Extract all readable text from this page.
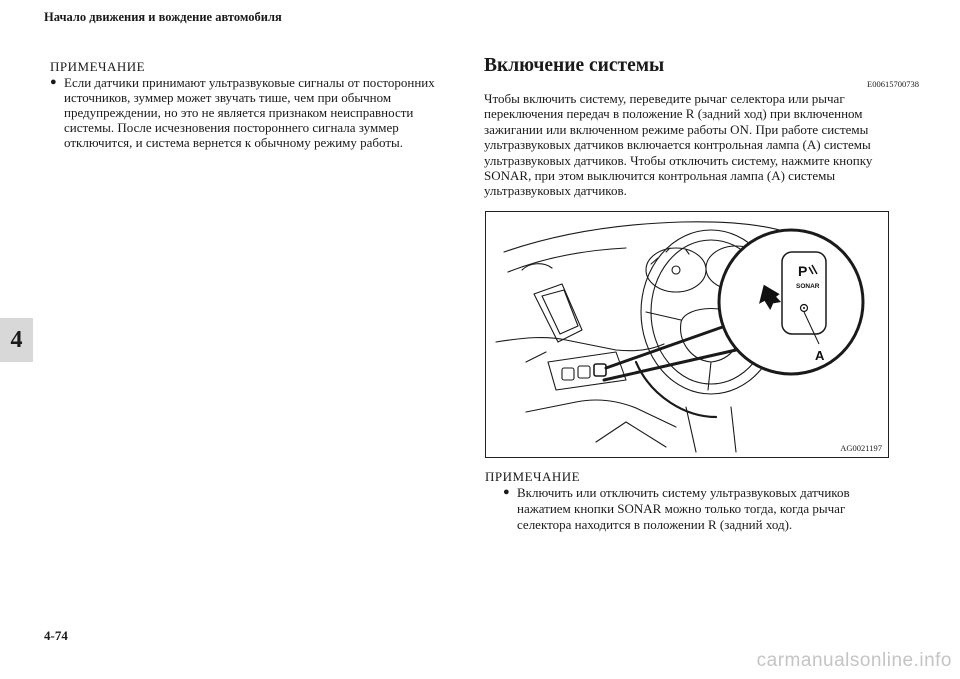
Начало движения и вождение автомобиля
4
ПРИМЕЧАНИЕ
● Если датчики принимают ультразвуковые сигналы от посторонних источников, зуммер может звучать тише, чем при обычном предупреждении, но это не является признаком неисправности системы. После исчезновения постороннего сигнала зуммер отключится, и система вернется к обычному режиму работы.
Включение системы
E00615700738
Чтобы включить систему, переведите рычаг селектора или рычаг переключения передач в положение R (задний ход) при включенном зажигании или включенном режиме работы ON. При работе системы ультразвуковых датчиков включается контрольная лампа (A) системы ультразвуковых датчиков. Чтобы отключить систему, нажмите кнопку SONAR, при этом выключится контрольная лампа (A) системы ультразвуковых датчиков.
P
SONAR
A
AG0021197
ПРИМЕЧАНИЕ
● Включить или отключить систему ультразвуковых датчиков нажатием кнопки SONAR можно только тогда, когда рычаг селектора находится в положении R (задний ход).
4-74
carmanualsonline.info
